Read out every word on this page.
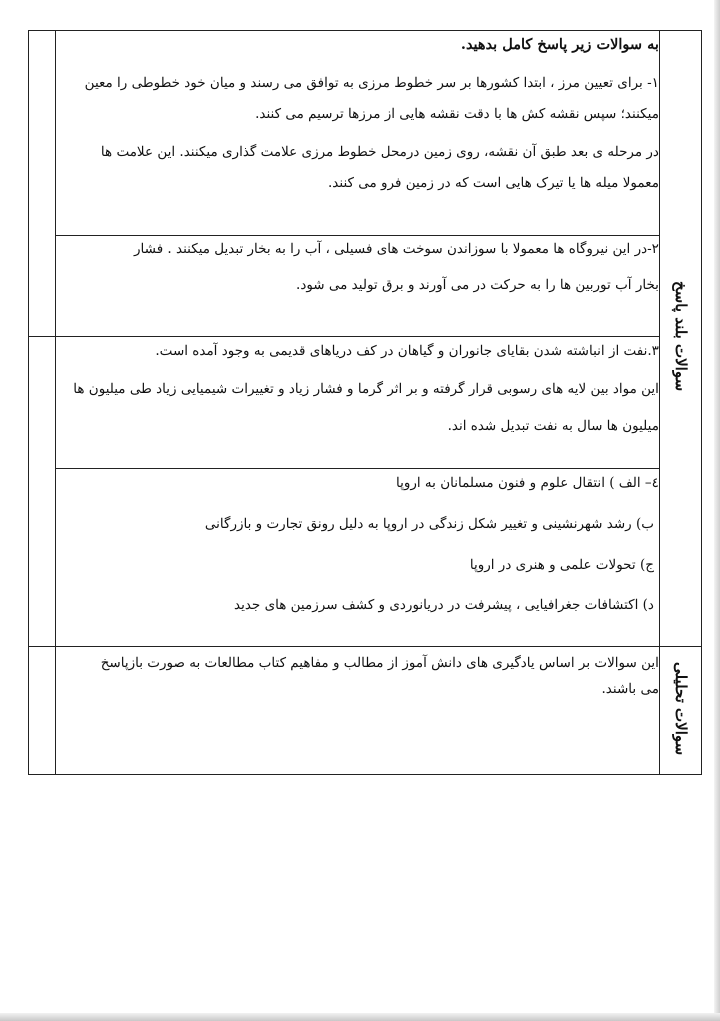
سوالات بلند پاسخ	به سوالات زیر پاسخ کامل بدهید.

۱- برای تعیین مرز ، ابتدا کشورها بر سر خطوط مرزی به توافق می رسند و میان خود خطوطی را معین

میکنند؛ سپس نقشه کش ها با دقت نقشه هایی از مرزها ترسیم می کنند.

در مرحله ی بعد طبق آن نقشه، روی زمین درمحل خطوط مرزی علامت گذاری میکنند. این علامت ها

معمولا میله ها یا تیرک هایی است که در زمین فرو می کنند.	

	۲-در این نیروگاه ها معمولا با سوزاندن سوخت های فسیلی ، آب را به بخار تبدیل میکنند . فشار

بخار آب توربین ها را به حرکت در می آورند و برق تولید می شود.	

	۳.نفت از انباشته شدن بقایای جانوران و گیاهان در کف دریاهای قدیمی به وجود آمده است.

این مواد بین لایه های رسوبی قرار گرفته و بر اثر گرما و فشار زیاد و تغییرات شیمیایی زیاد طی میلیون ها

میلیون ها سال به نفت تبدیل شده اند.	

	٤– الف ) انتقال علوم و فنون مسلمانان به اروپا

ب) رشد شهرنشینی و تغییر شکل زندگی در اروپا به دلیل رونق تجارت و بازرگانی

ج) تحولات علمی و هنری در اروپا

د) اکتشافات جغرافیایی ، پیشرفت در دریانوردی و کشف سرزمین های جدید	

سوالات تحلیلی	این سوالات بر اساس یادگیری های دانش آموز از مطالب و مفاهیم کتاب مطالعات به صورت بازپاسخ

می باشند.	
